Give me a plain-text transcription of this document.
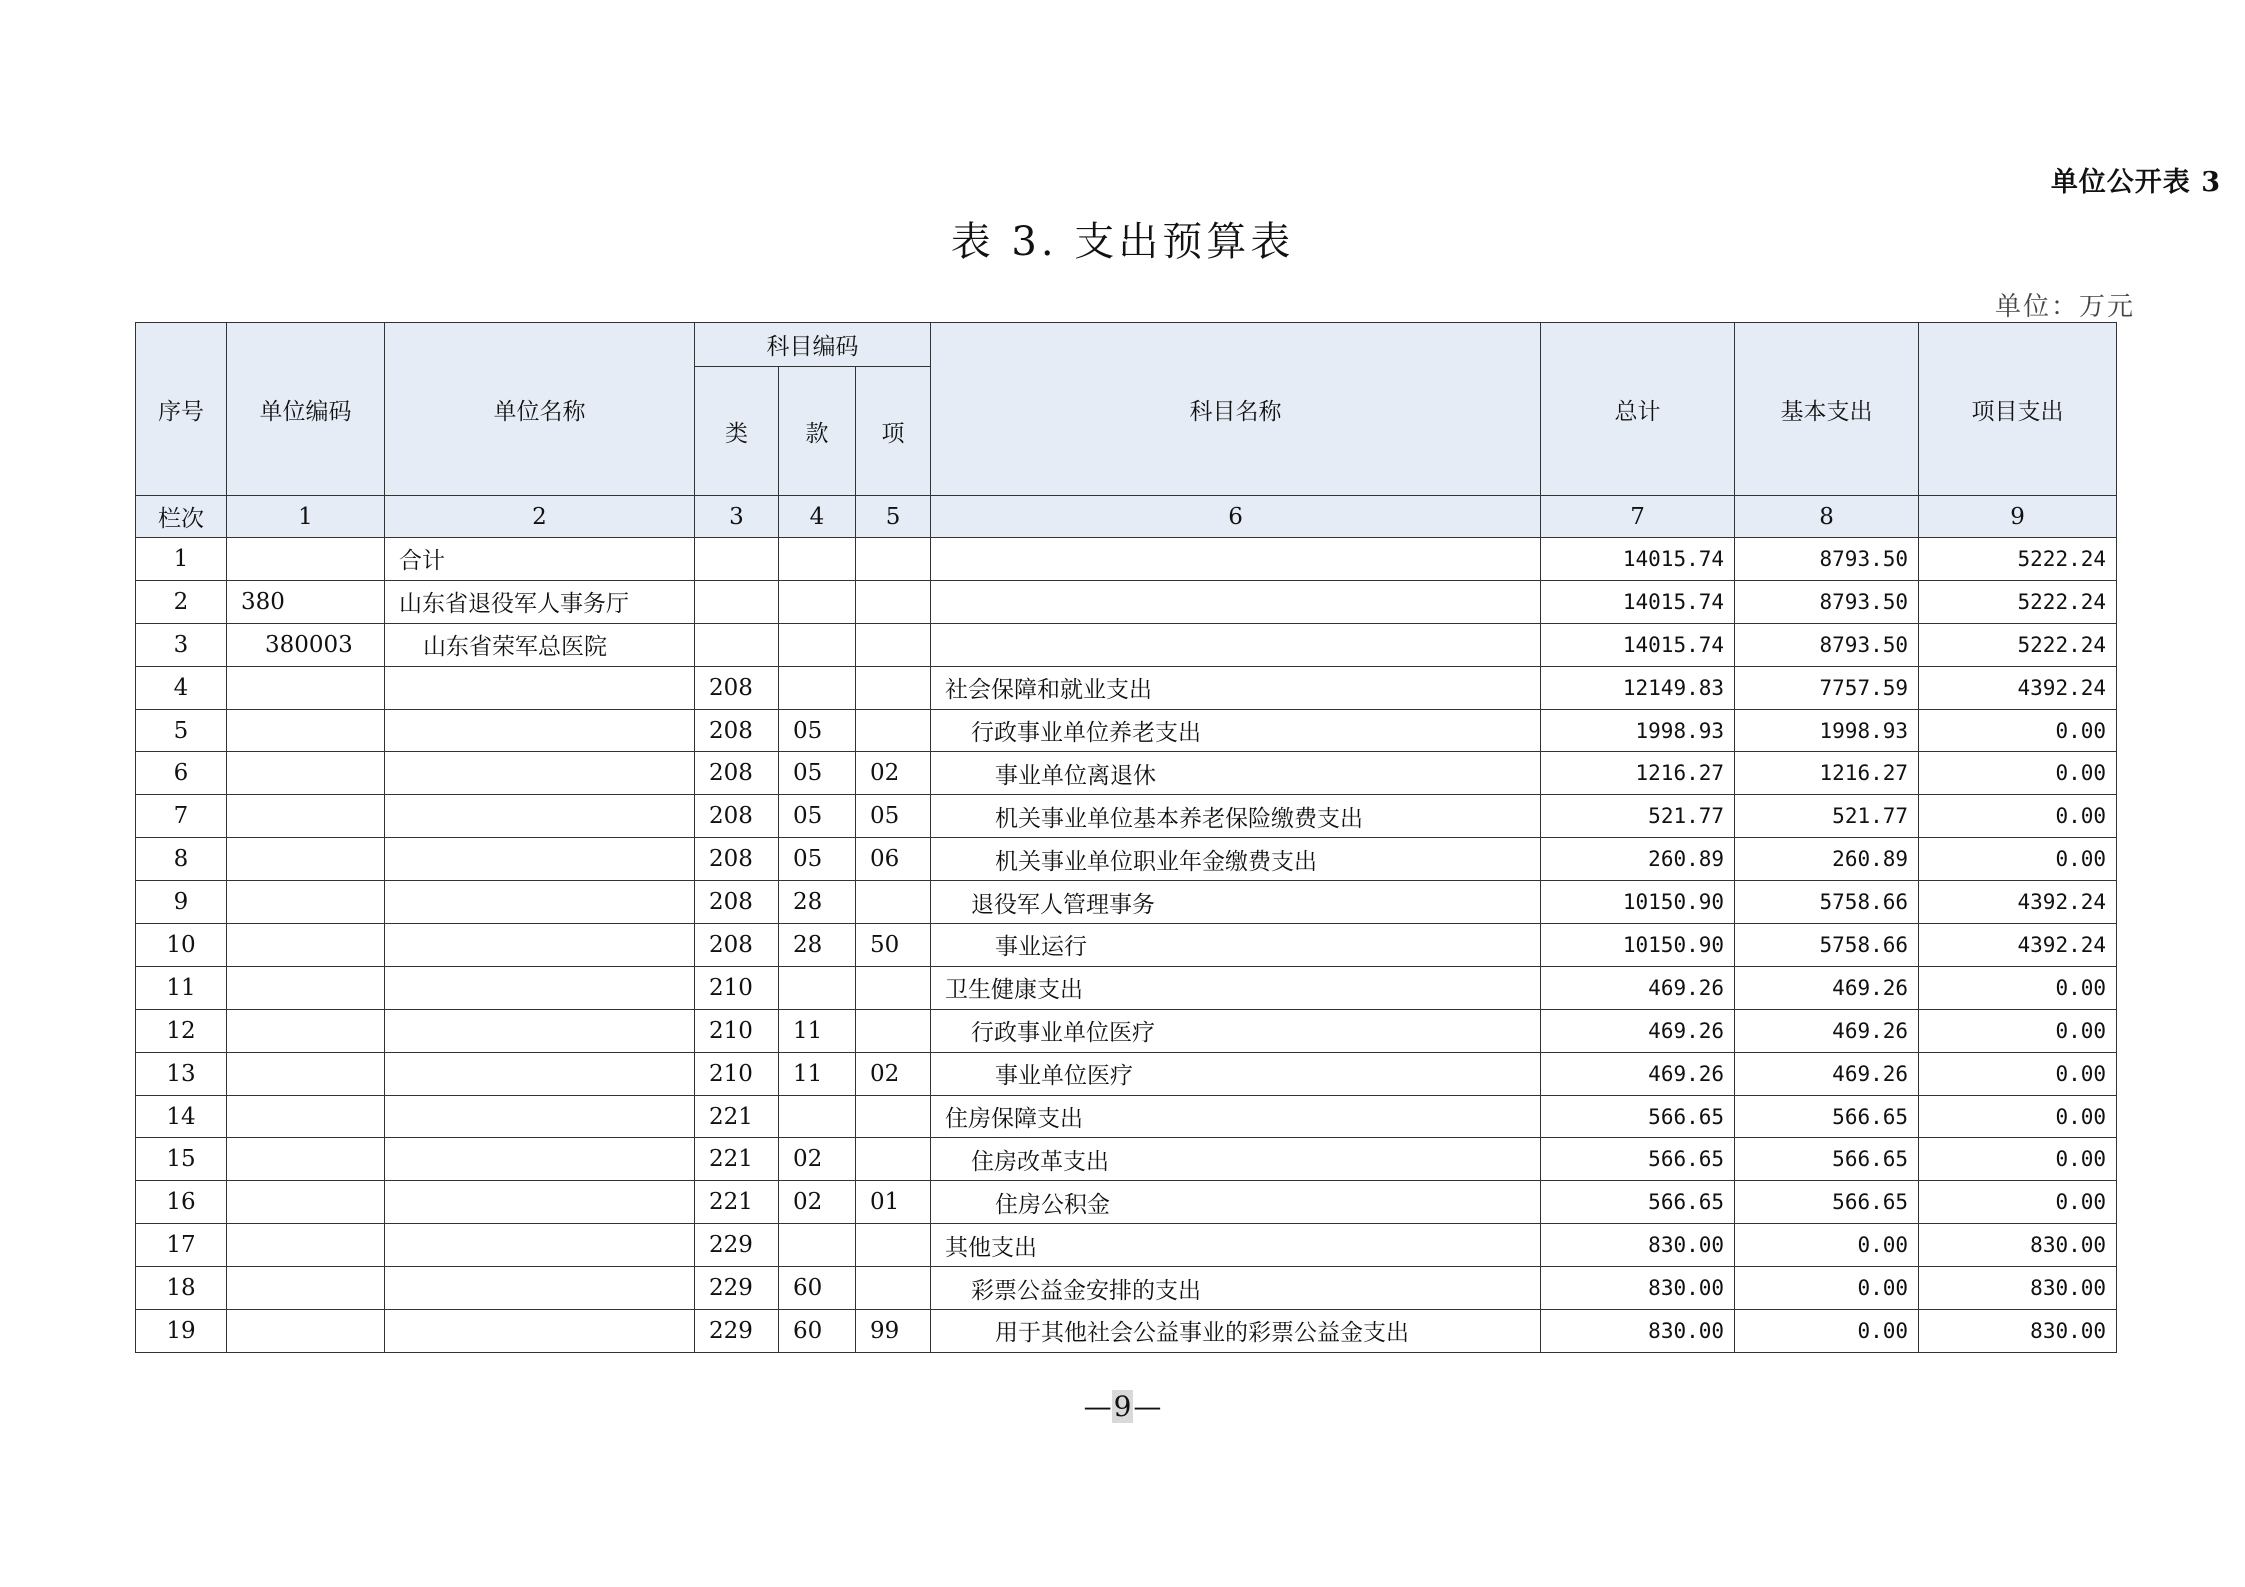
单位公开表 3
表 3. 支出预算表
单位：万元
序号	单位编码	单位名称	科目编码			科目名称	总计	基本支出	项目支出
			类	款	项				
栏次	1	2	3	4	5	6	7	8	9
1		合计					14015.74	8793.50	5222.24
2	380	山东省退役军人事务厅					14015.74	8793.50	5222.24
3	380003	山东省荣军总医院					14015.74	8793.50	5222.24
4			208			社会保障和就业支出	12149.83	7757.59	4392.24
5			208	05		行政事业单位养老支出	1998.93	1998.93	0.00
6			208	05	02	事业单位离退休	1216.27	1216.27	0.00
7			208	05	05	机关事业单位基本养老保险缴费支出	521.77	521.77	0.00
8			208	05	06	机关事业单位职业年金缴费支出	260.89	260.89	0.00
9			208	28		退役军人管理事务	10150.90	5758.66	4392.24
10			208	28	50	事业运行	10150.90	5758.66	4392.24
11			210			卫生健康支出	469.26	469.26	0.00
12			210	11		行政事业单位医疗	469.26	469.26	0.00
13			210	11	02	事业单位医疗	469.26	469.26	0.00
14			221			住房保障支出	566.65	566.65	0.00
15			221	02		住房改革支出	566.65	566.65	0.00
16			221	02	01	住房公积金	566.65	566.65	0.00
17			229			其他支出	830.00	0.00	830.00
18			229	60		彩票公益金安排的支出	830.00	0.00	830.00
19			229	60	99	用于其他社会公益事业的彩票公益金支出	830.00	0.00	830.00
—9—
